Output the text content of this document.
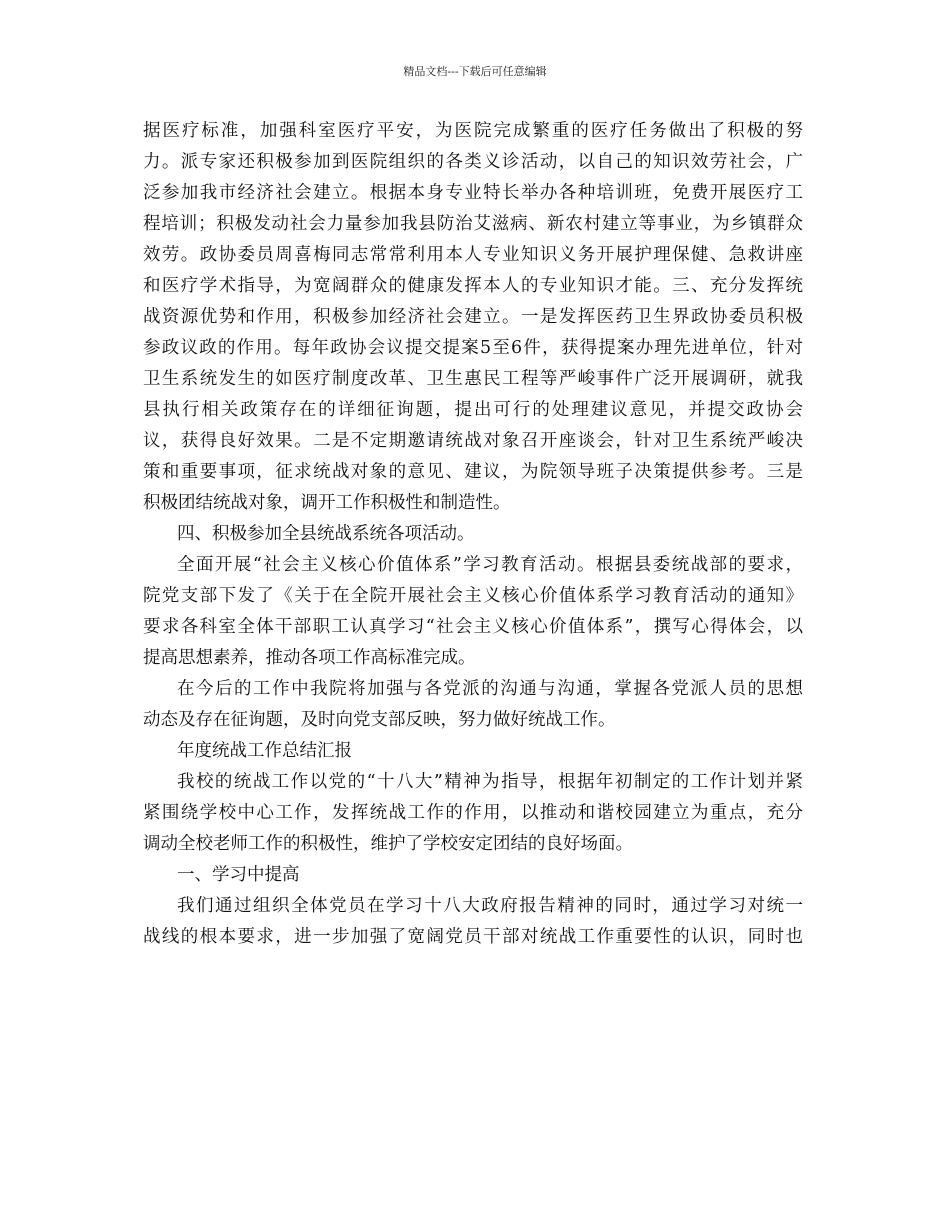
精品文档---下载后可任意编辑
据医疗标准，加强科室医疗平安，为医院完成繁重的医疗任务做出了积极的努
力。派专家还积极参加到医院组织的各类义诊活动，以自己的知识效劳社会，广
泛参加我市经济社会建立。根据本身专业特长举办各种培训班，免费开展医疗工
程培训；积极发动社会力量参加我县防治艾滋病、新农村建立等事业，为乡镇群众
效劳。政协委员周喜梅同志常常利用本人专业知识义务开展护理保健、急救讲座
和医疗学术指导，为宽阔群众的健康发挥本人的专业知识才能。三、充分发挥统
战资源优势和作用，积极参加经济社会建立。一是发挥医药卫生界政协委员积极
参政议政的作用。每年政协会议提交提案5至6件，获得提案办理先进单位，针对
卫生系统发生的如医疗制度改革、卫生惠民工程等严峻事件广泛开展调研，就我
县执行相关政策存在的详细征询题，提出可行的处理建议意见，并提交政协会
议，获得良好效果。二是不定期邀请统战对象召开座谈会，针对卫生系统严峻决
策和重要事项，征求统战对象的意见、建议，为院领导班子决策提供参考。三是
积极团结统战对象，调开工作积极性和制造性。
四、积极参加全县统战系统各项活动。
全面开展“社会主义核心价值体系”学习教育活动。根据县委统战部的要求，
院党支部下发了《关于在全院开展社会主义核心价值体系学习教育活动的通知》
要求各科室全体干部职工认真学习“社会主义核心价值体系”，撰写心得体会，以
提高思想素养，推动各项工作高标准完成。
在今后的工作中我院将加强与各党派的沟通与沟通，掌握各党派人员的思想
动态及存在征询题，及时向党支部反映，努力做好统战工作。
年度统战工作总结汇报
我校的统战工作以党的“十八大”精神为指导，根据年初制定的工作计划并紧
紧围绕学校中心工作，发挥统战工作的作用，以推动和谐校园建立为重点，充分
调动全校老师工作的积极性，维护了学校安定团结的良好场面。
一、学习中提高
我们通过组织全体党员在学习十八大政府报告精神的同时，通过学习对统一
战线的根本要求，进一步加强了宽阔党员干部对统战工作重要性的认识，同时也
